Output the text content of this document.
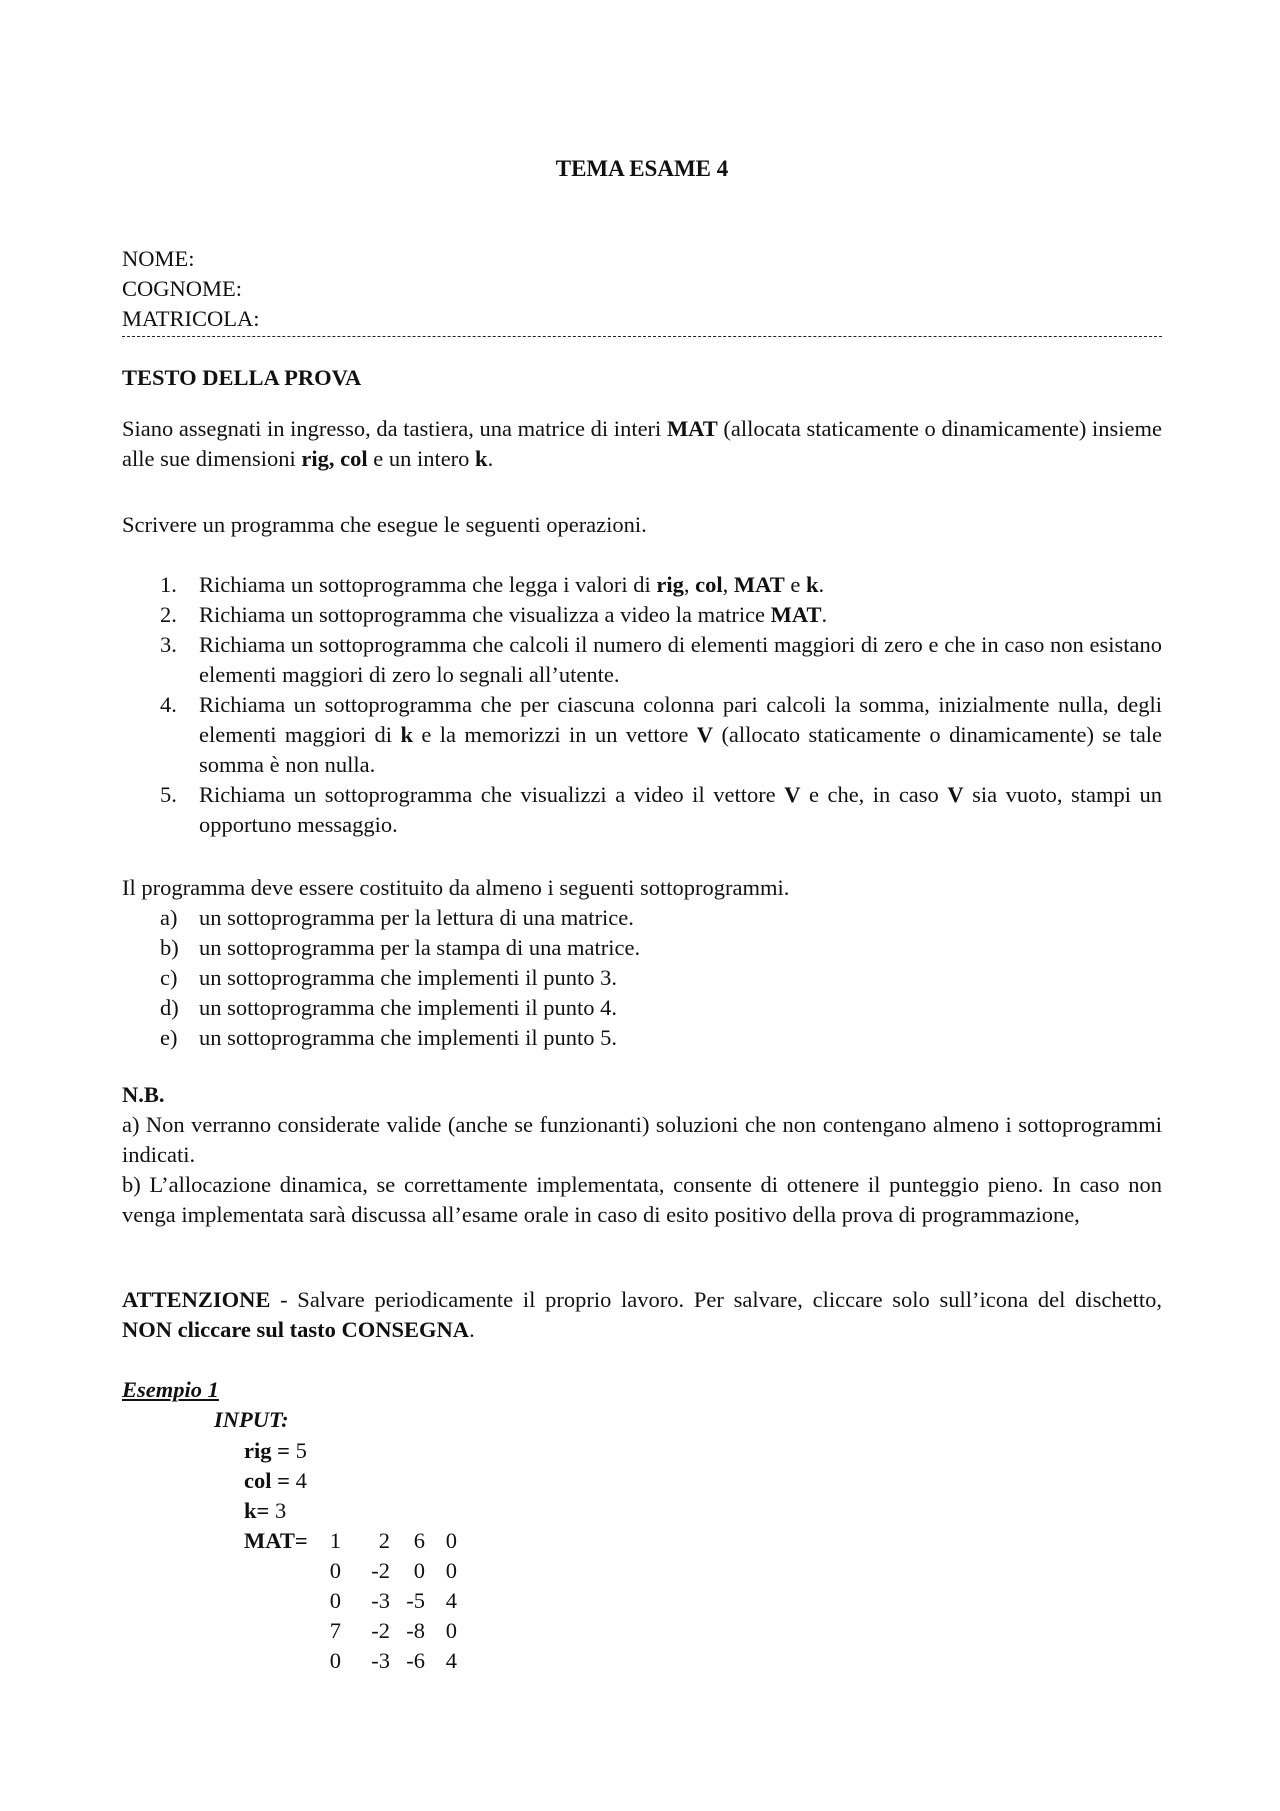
TEMA ESAME 4
NOME:
COGNOME:
MATRICOLA:
TESTO DELLA PROVA

Siano assegnati in ingresso, da tastiera, una matrice di interi MAT (allocata staticamente o dinamicamente) insieme alle sue dimensioni rig, col e un intero k.

Scrivere un programma che esegue le seguenti operazioni.
1. Richiama un sottoprogramma che legga i valori di rig, col, MAT e k.
2. Richiama un sottoprogramma che visualizza a video la matrice MAT.
3. Richiama un sottoprogramma che calcoli il numero di elementi maggiori di zero e che in caso non esistano elementi maggiori di zero lo segnali all’utente.
4. Richiama un sottoprogramma che per ciascuna colonna pari calcoli la somma, inizialmente nulla, degli elementi maggiori di k e la memorizzi in un vettore V (allocato staticamente o dinamicamente) se tale somma è non nulla.
5. Richiama un sottoprogramma che visualizzi a video il vettore V e che, in caso V sia vuoto, stampi un opportuno messaggio.
Il programma deve essere costituito da almeno i seguenti sottoprogrammi.
a) un sottoprogramma per la lettura di una matrice.
b) un sottoprogramma per la stampa di una matrice.
c) un sottoprogramma che implementi il punto 3.
d) un sottoprogramma che implementi il punto 4.
e) un sottoprogramma che implementi il punto 5.

N.B.

a) Non verranno considerate valide (anche se funzionanti) soluzioni che non contengano almeno i sottoprogrammi indicati.

b) L’allocazione dinamica, se correttamente implementata, consente di ottenere il punteggio pieno. In caso non venga implementata sarà discussa all’esame orale in caso di esito positivo della prova di programmazione,

ATTENZIONE - Salvare periodicamente il proprio lavoro. Per salvare, cliccare solo sull’icona del dischetto, NON cliccare sul tasto CONSEGNA.

Esempio 1
INPUT:
rig = 5
col = 4
k= 3
MAT= 1	2	6	0
0	-2	0	0
0	-3	-5	4
7	-2	-8	0
0	-3	-6	4
